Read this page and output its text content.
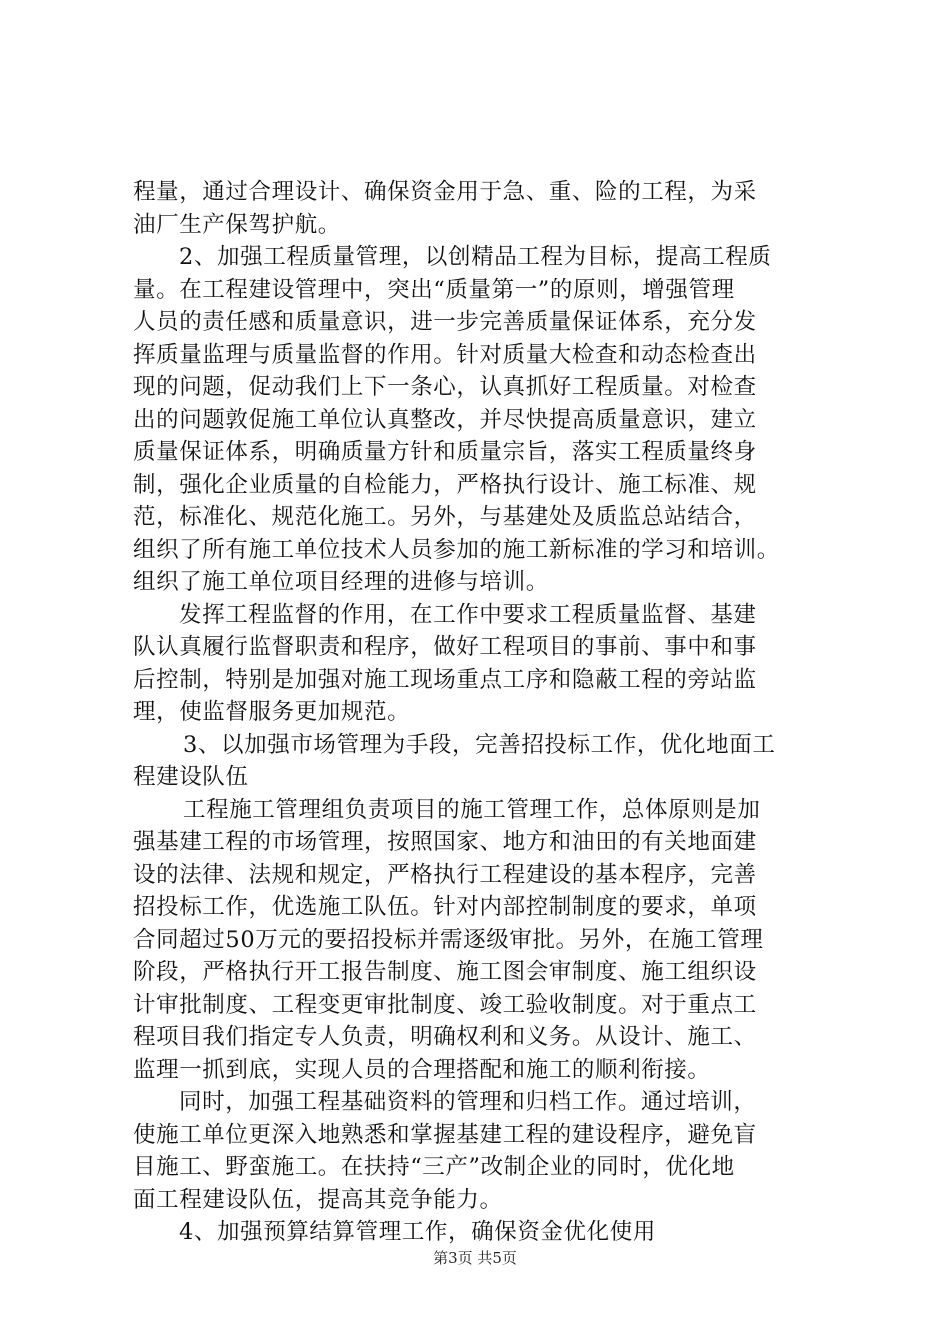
程量，通过合理设计、确保资金用于急、重、险的工程，为采
油厂生产保驾护航。
2、加强工程质量管理，以创精品工程为目标，提高工程质
量。在工程建设管理中，突出“质量第一”的原则，增强管理
人员的责任感和质量意识，进一步完善质量保证体系，充分发
挥质量监理与质量监督的作用。针对质量大检查和动态检查出
现的问题，促动我们上下一条心，认真抓好工程质量。对检查
出的问题敦促施工单位认真整改，并尽快提高质量意识，建立
质量保证体系，明确质量方针和质量宗旨，落实工程质量终身
制，强化企业质量的自检能力，严格执行设计、施工标准、规
范，标准化、规范化施工。另外，与基建处及质监总站结合，
组织了所有施工单位技术人员参加的施工新标准的学习和培训。
组织了施工单位项目经理的进修与培训。
发挥工程监督的作用，在工作中要求工程质量监督、基建
队认真履行监督职责和程序，做好工程项目的事前、事中和事
后控制，特别是加强对施工现场重点工序和隐蔽工程的旁站监
理，使监督服务更加规范。
3、以加强市场管理为手段，完善招投标工作，优化地面工
程建设队伍
工程施工管理组负责项目的施工管理工作，总体原则是加
强基建工程的市场管理，按照国家、地方和油田的有关地面建
设的法律、法规和规定，严格执行工程建设的基本程序，完善
招投标工作，优选施工队伍。针对内部控制制度的要求，单项
合同超过50万元的要招投标并需逐级审批。另外，在施工管理
阶段，严格执行开工报告制度、施工图会审制度、施工组织设
计审批制度、工程变更审批制度、竣工验收制度。对于重点工
程项目我们指定专人负责，明确权利和义务。从设计、施工、
监理一抓到底，实现人员的合理搭配和施工的顺利衔接。
同时，加强工程基础资料的管理和归档工作。通过培训，
使施工单位更深入地熟悉和掌握基建工程的建设程序，避免盲
目施工、野蛮施工。在扶持“三产”改制企业的同时，优化地
面工程建设队伍，提高其竞争能力。
4、加强预算结算管理工作，确保资金优化使用
第3页 共5页
